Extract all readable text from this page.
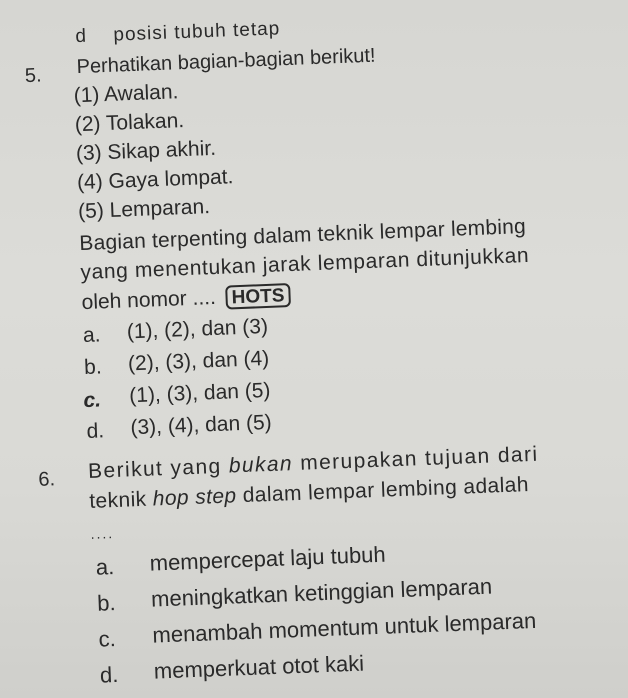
d posisi tubuh tetap
5. Perhatikan bagian-bagian berikut!
(1) Awalan.
(2) Tolakan.
(3) Sikap akhir.
(4) Gaya lompat.
(5) Lemparan.
Bagian terpenting dalam teknik lempar lembing
yang menentukan jarak lemparan ditunjukkan
oleh nomor .... HOTS
a. (1), (2), dan (3)
b. (2), (3), dan (4)
c. (1), (3), dan (5)
d. (3), (4), dan (5)
6. Berikut yang bukan merupakan tujuan dari
teknik hop step dalam lempar lembing adalah
....
a. mempercepat laju tubuh
b. meningkatkan ketinggian lemparan
c. menambah momentum untuk lemparan
d. memperkuat otot kaki
